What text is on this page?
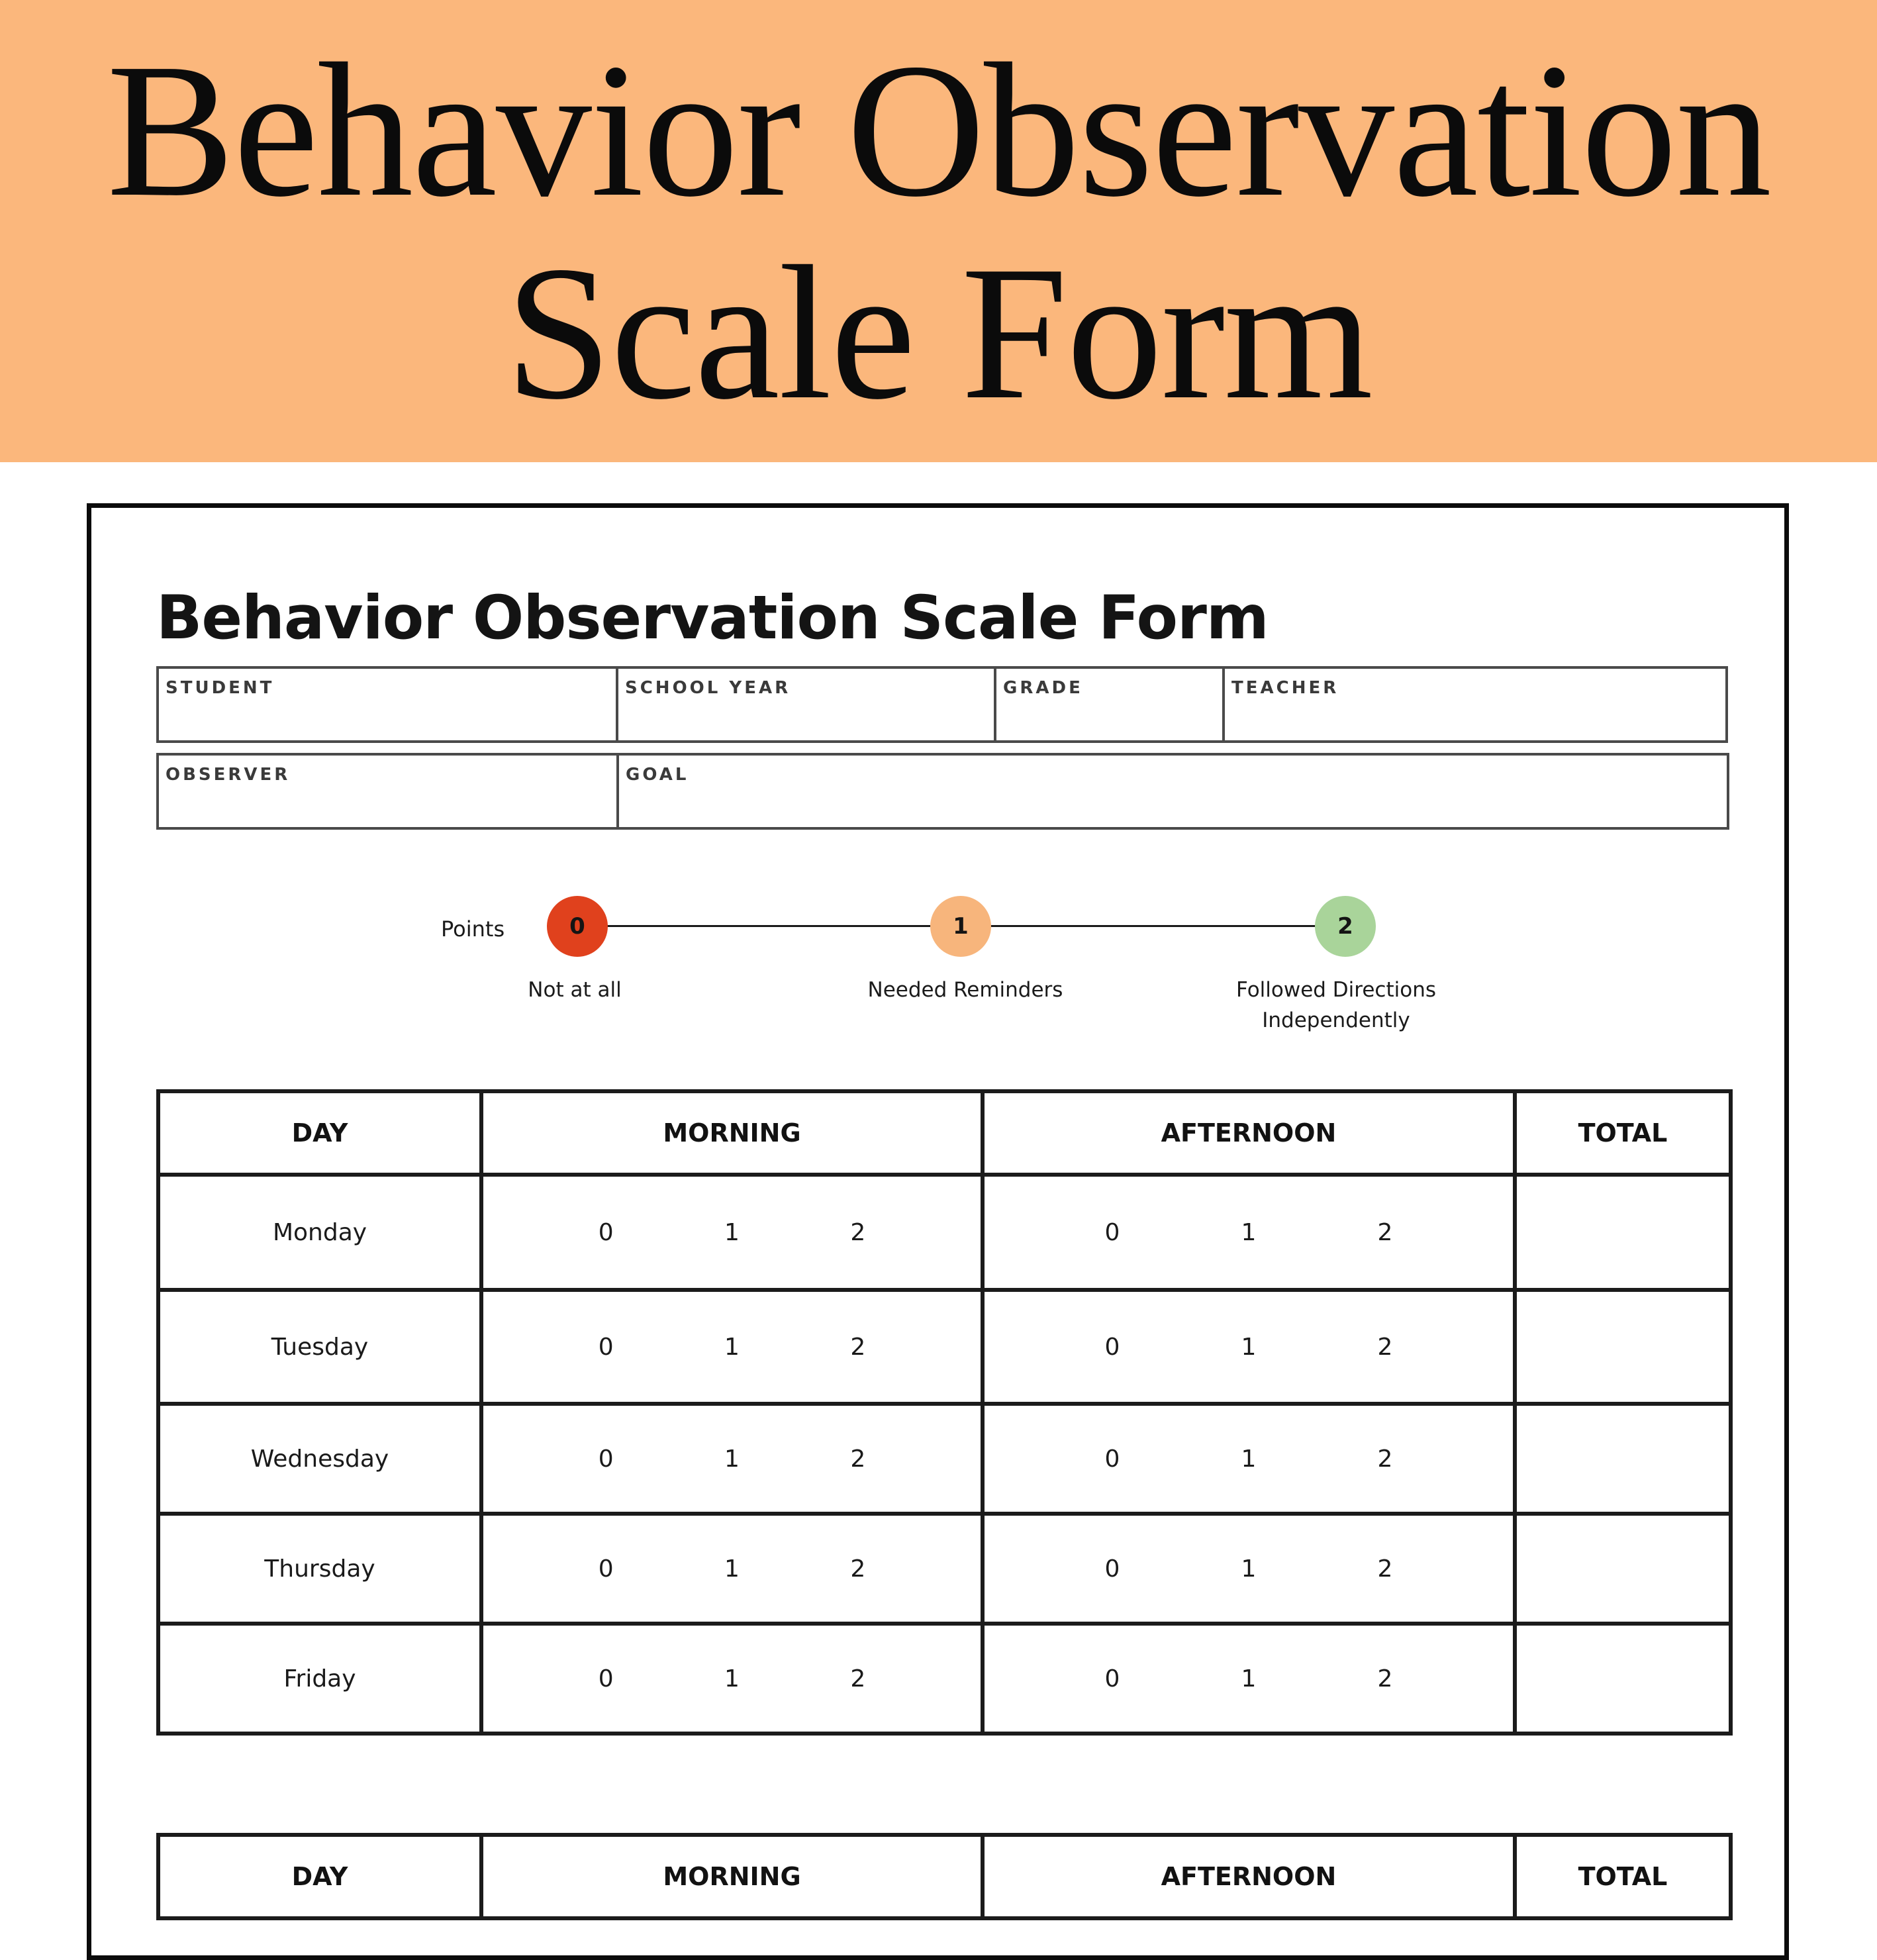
Behavior Observation
Scale Form
Behavior Observation Scale Form
STUDENT	SCHOOL YEAR	GRADE	TEACHER
OBSERVER	GOAL
Points	0	1	2
Not at all	Needed Reminders	Followed Directions
Independently
DAY	MORNING	AFTERNOON	TOTAL
Monday	0 1 2	0 1 2	

Tuesday	0 1 2	0 1 2	

Wednesday	0 1 2	0 1 2	

Thursday	0 1 2	0 1 2	

Friday	0 1 2	0 1 2	

DAY	MORNING	AFTERNOON	TOTAL
